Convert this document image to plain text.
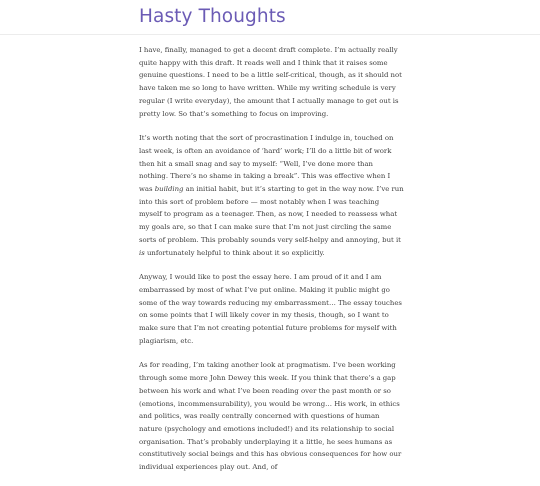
Hasty Thoughts

I have, finally, managed to get a decent draft complete. I’m actually really quite happy with this draft. It reads well and I think that it raises some genuine questions. I need to be a little self-critical, though, as it should not have taken me so long to have written. While my writing schedule is very regular (I write everyday), the amount that I actually manage to get out is pretty low. So that’s something to focus on improving.

It’s worth noting that the sort of procrastination I indulge in, touched on last week, is often an avoidance of ‘hard’ work; I’ll do a little bit of work then hit a small snag and say to myself: “Well, I’ve done more than nothing. There’s no shame in taking a break”. This was effective when I was building an initial habit, but it’s starting to get in the way now. I’ve run into this sort of problem before — most notably when I was teaching myself to program as a teenager. Then, as now, I needed to reassess what my goals are, so that I can make sure that I’m not just circling the same sorts of problem. This probably sounds very self-helpy and annoying, but it is unfortunately helpful to think about it so explicitly.

Anyway, I would like to post the essay here. I am proud of it and I am embarrassed by most of what I’ve put online. Making it public might go some of the way towards reducing my embarrassment… The essay touches on some points that I will likely cover in my thesis, though, so I want to make sure that I’m not creating potential future problems for myself with plagiarism, etc.

As for reading, I’m taking another look at pragmatism. I’ve been working through some more John Dewey this week. If you think that there’s a gap between his work and what I’ve been reading over the past month or so (emotions, incommensurability), you would be wrong… His work, in ethics and politics, was really centrally concerned with questions of human nature (psychology and emotions included!) and its relationship to social organisation. That’s probably underplaying it a little, he sees humans as constitutively social beings and this has obvious consequences for how our individual experiences play out. And, of
